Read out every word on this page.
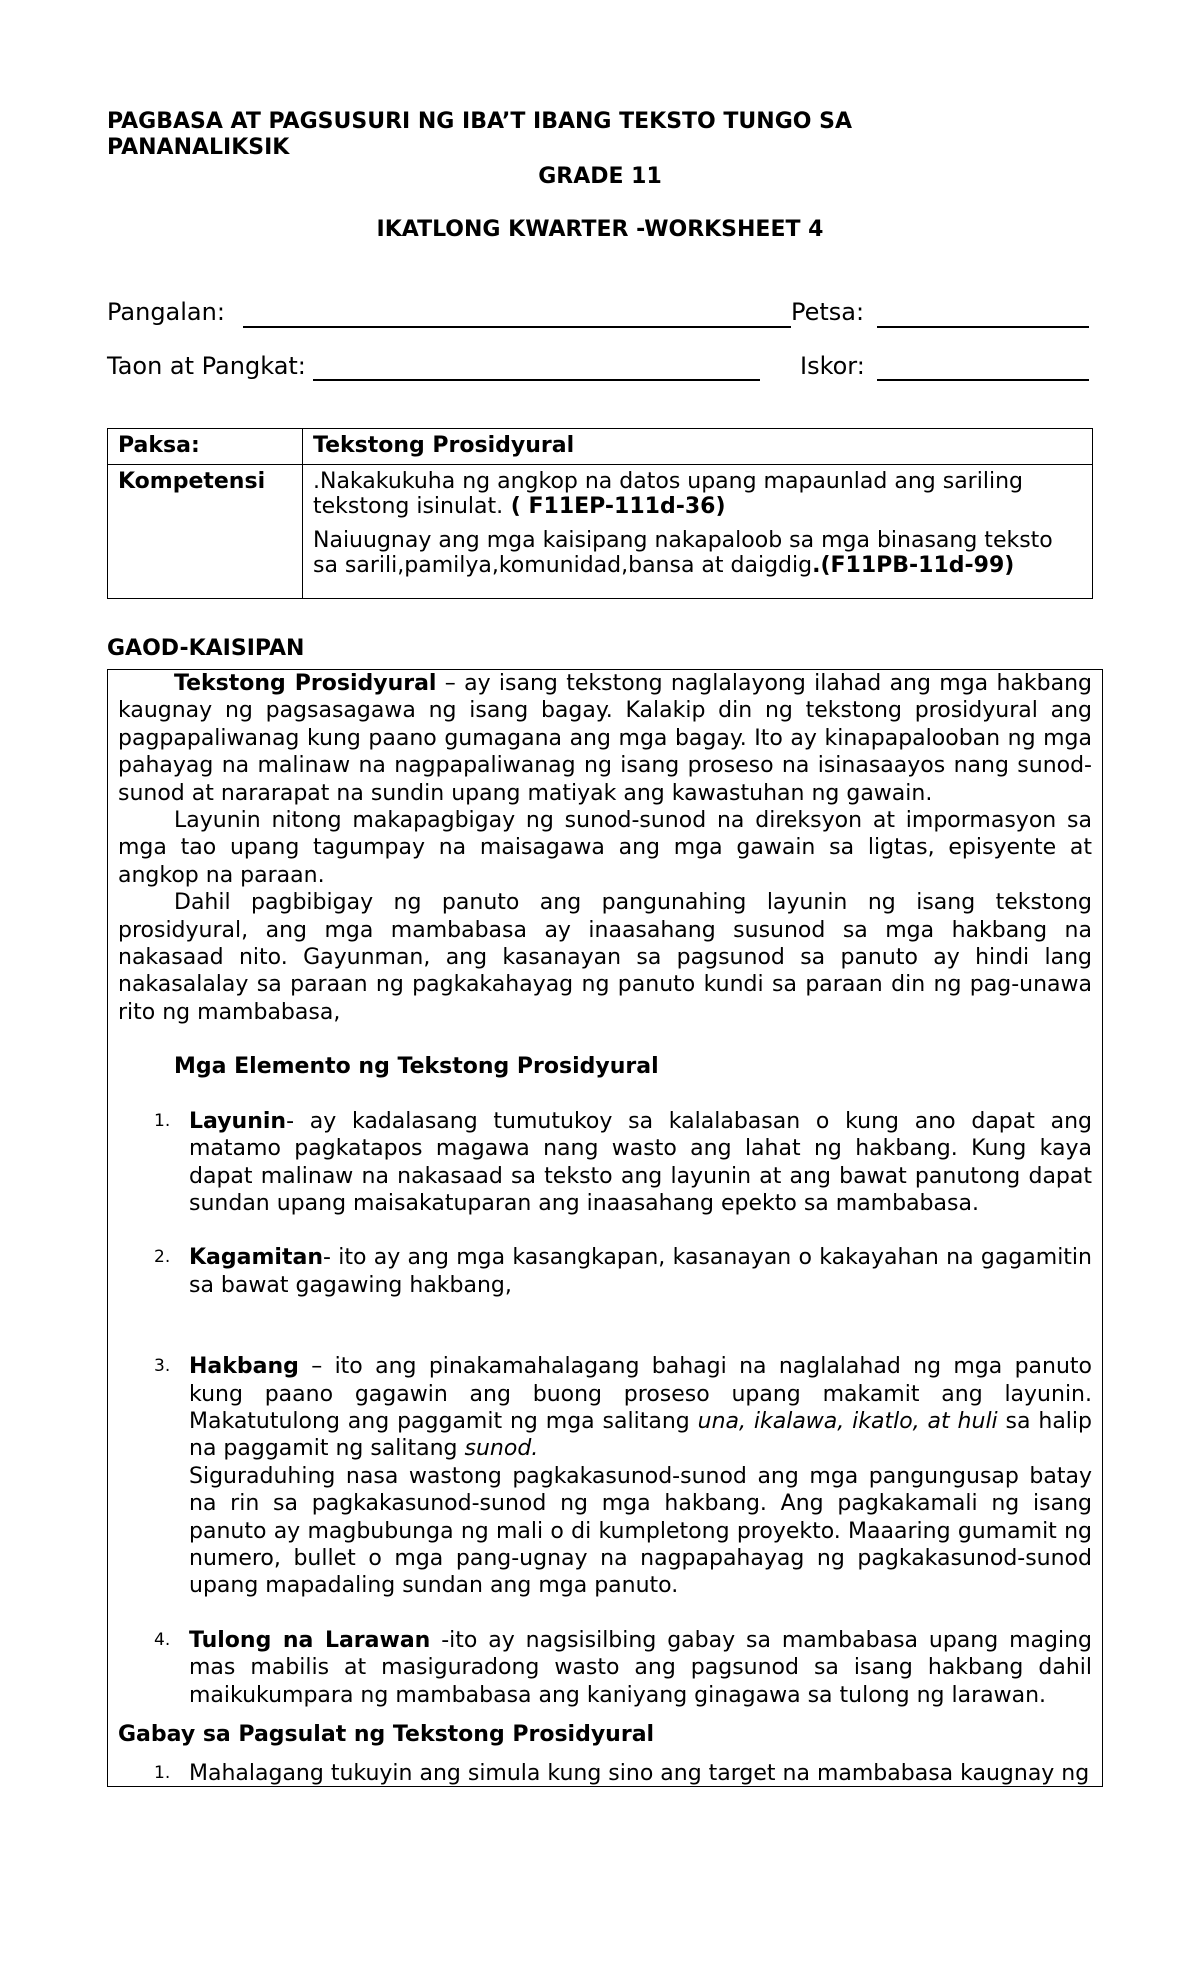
PAGBASA AT PAGSUSURI NG IBA’T IBANG TEKSTO TUNGO SA
PANANALIKSIK
GRADE 11
IKATLONG KWARTER -WORKSHEET 4
Pangalan:	Petsa:
Taon at Pangkat:	Iskor:
Paksa:	Tekstong Prosidyural
Kompetensi	.Nakakukuha ng angkop na datos upang mapaunlad ang sariling tekstong isinulat. ( F11EP-111d-36)
Naiuugnay ang mga kaisipang nakapaloob sa mga binasang teksto sa sarili,pamilya,komunidad,bansa at daigdig.(F11PB-11d-99)
GAOD-KAISIPAN

Tekstong Prosidyural – ay isang tekstong naglalayong ilahad ang mga hakbang kaugnay ng pagsasagawa ng isang bagay. Kalakip din ng tekstong prosidyural ang pagpapaliwanag kung paano gumagana ang mga bagay. Ito ay kinapapalooban ng mga pahayag na malinaw na nagpapaliwanag ng isang proseso na isinasaayos nang sunod-sunod at nararapat na sundin upang matiyak ang kawastuhan ng gawain.

Layunin nitong makapagbigay ng sunod-sunod na direksyon at impormasyon sa mga tao upang tagumpay na maisagawa ang mga gawain sa ligtas, episyente at angkop na paraan.

Dahil pagbibigay ng panuto ang pangunahing layunin ng isang tekstong prosidyural, ang mga mambabasa ay inaasahang susunod sa mga hakbang na nakasaad nito. Gayunman, ang kasanayan sa pagsunod sa panuto ay hindi lang nakasalalay sa paraan ng pagkakahayag ng panuto kundi sa paraan din ng pag-unawa rito ng mambabasa,

Mga Elemento ng Tekstong Prosidyural
1. Layunin- ay kadalasang tumutukoy sa kalalabasan o kung ano dapat ang matamo pagkatapos magawa nang wasto ang lahat ng hakbang. Kung kaya dapat malinaw na nakasaad sa teksto ang layunin at ang bawat panutong dapat sundan upang maisakatuparan ang inaasahang epekto sa mambabasa.
2. Kagamitan- ito ay ang mga kasangkapan, kasanayan o kakayahan na gagamitin sa bawat gagawing hakbang,
3. Hakbang – ito ang pinakamahalagang bahagi na naglalahad ng mga panuto kung paano gagawin ang buong proseso upang makamit ang layunin. Makatutulong ang paggamit ng mga salitang una, ikalawa, ikatlo, at huli sa halip na paggamit ng salitang sunod.
Siguraduhing nasa wastong pagkakasunod-sunod ang mga pangungusap batay na rin sa pagkakasunod-sunod ng mga hakbang. Ang pagkakamali ng isang panuto ay magbubunga ng mali o di kumpletong proyekto. Maaaring gumamit ng numero, bullet o mga pang-ugnay na nagpapahayag ng pagkakasunod-sunod upang mapadaling sundan ang mga panuto.
4. Tulong na Larawan -ito ay nagsisilbing gabay sa mambabasa upang maging mas mabilis at masiguradong wasto ang pagsunod sa isang hakbang dahil maikukumpara ng mambabasa ang kaniyang ginagawa sa tulong ng larawan.
Gabay sa Pagsulat ng Tekstong Prosidyural
1. Mahalagang tukuyin ang simula kung sino ang target na mambabasa kaugnay ng
